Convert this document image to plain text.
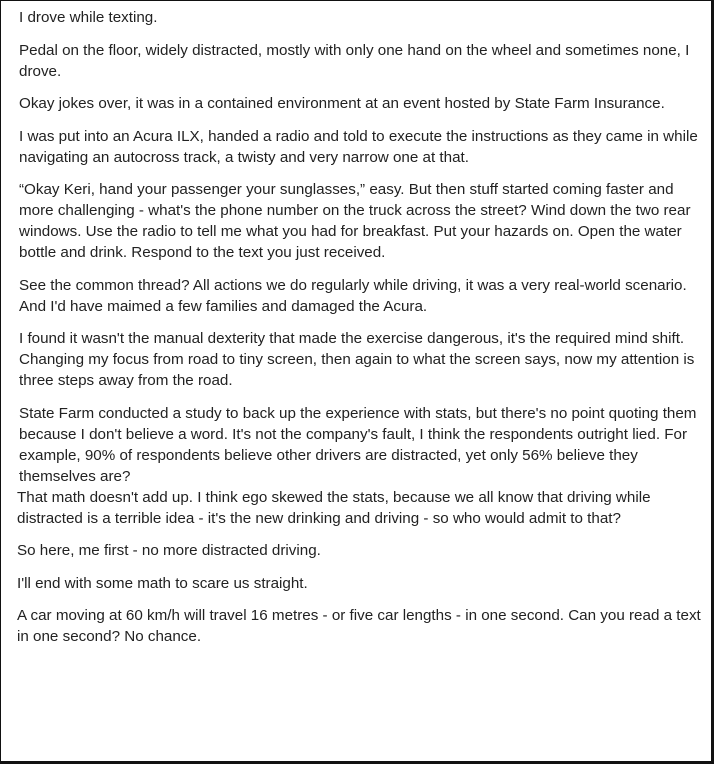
I drove while texting.

Pedal on the floor, widely distracted, mostly with only one hand on the wheel and sometimes none, I drove.

Okay jokes over, it was in a contained environment at an event hosted by State Farm Insurance.

I was put into an Acura ILX, handed a radio and told to execute the instructions as they came in while navigating an autocross track, a twisty and very narrow one at that.

“Okay Keri, hand your passenger your sunglasses,” easy. But then stuff started coming faster and more challenging - what's the phone number on the truck across the street? Wind down the two rear windows. Use the radio to tell me what you had for breakfast. Put your hazards on. Open the water bottle and drink. Respond to the text you just received.

See the common thread? All actions we do regularly while driving, it was a very real-world scenario. And I'd have maimed a few families and damaged the Acura.

I found it wasn't the manual dexterity that made the exercise dangerous, it's the required mind shift. Changing my focus from road to tiny screen, then again to what the screen says, now my attention is three steps away from the road.

State Farm conducted a study to back up the experience with stats, but there's no point quoting them because I don't believe a word. It's not the company's fault, I think the respondents outright lied. For example, 90% of respondents believe other drivers are distracted, yet only 56% believe they themselves are?

That math doesn't add up. I think ego skewed the stats, because we all know that driving while distracted is a terrible idea - it's the new drinking and driving - so who would admit to that?

So here, me first - no more distracted driving.

I'll end with some math to scare us straight.

A car moving at 60 km/h will travel 16 metres - or five car lengths - in one second. Can you read a text in one second? No chance.
